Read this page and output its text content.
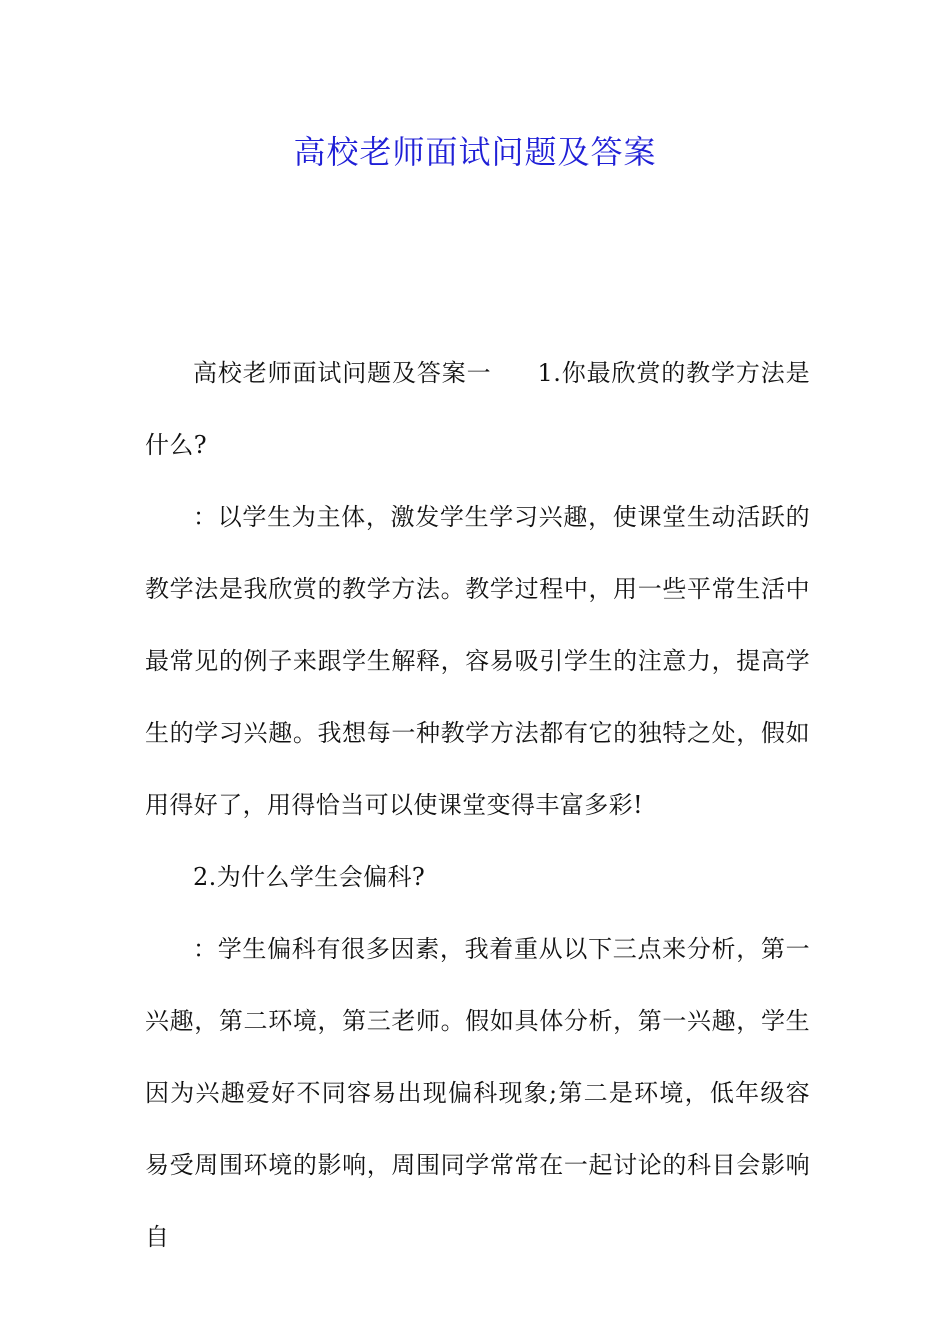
高校老师面试问题及答案

高校老师面试问题及答案一 1.你最欣赏的教学方法是什么?

：以学生为主体，激发学生学习兴趣，使课堂生动活跃的教学法是我欣赏的教学方法。教学过程中，用一些平常生活中最常见的例子来跟学生解释，容易吸引学生的注意力，提高学生的学习兴趣。我想每一种教学方法都有它的独特之处，假如用得好了，用得恰当可以使课堂变得丰富多彩!

2.为什么学生会偏科?

：学生偏科有很多因素，我着重从以下三点来分析，第一兴趣，第二环境，第三老师。假如具体分析，第一兴趣，学生因为兴趣爱好不同容易出现偏科现象;第二是环境，低年级容易受周围环境的影响，周围同学常常在一起讨论的科目会影响自
